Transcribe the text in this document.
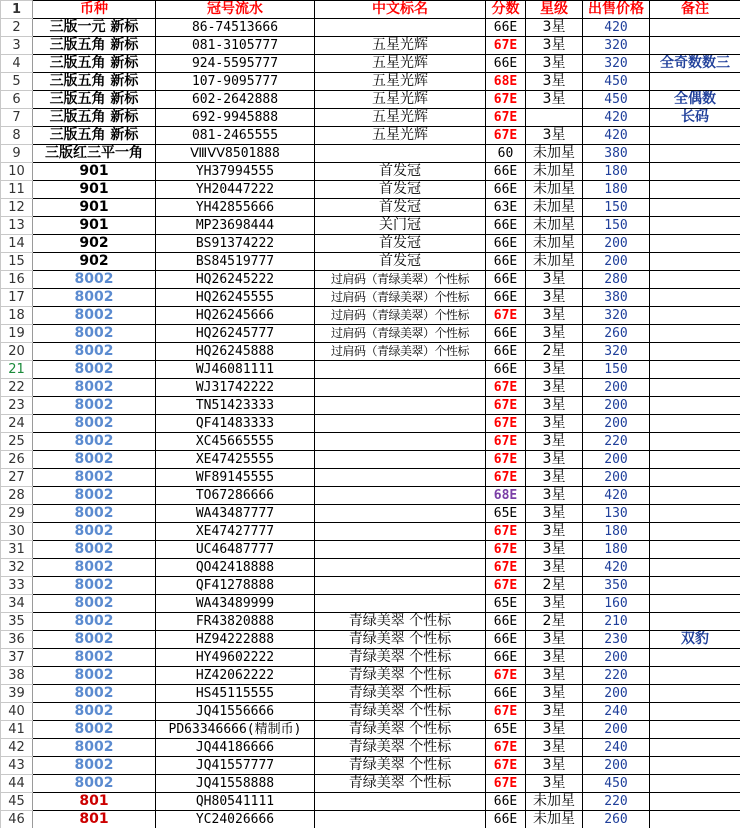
1	币种	冠号流水	中文标名	分数	星级	出售价格	备注
2	三版一元 新标	86-74513666		66E	3星	420	
3	三版五角 新标	081-3105777	五星光辉	67E	3星	320	
4	三版五角 新标	924-5595777	五星光辉	66E	3星	320	全奇数数三
5	三版五角 新标	107-9095777	五星光辉	68E	3星	450	
6	三版五角 新标	602-2642888	五星光辉	67E	3星	450	全偶数
7	三版五角 新标	692-9945888	五星光辉	67E		420	长码
8	三版五角 新标	081-2465555	五星光辉	67E	3星	420	
9	三版红三平一角	ⅧⅤⅤ8501888		60	未加星	380	
10	901	YH37994555	首发冠	66E	未加星	180	
11	901	YH20447222	首发冠	66E	未加星	180	
12	901	YH42855666	首发冠	63E	未加星	150	
13	901	MP23698444	关门冠	66E	未加星	150	
14	902	BS91374222	首发冠	66E	未加星	200	
15	902	BS84519777	首发冠	66E	未加星	200	
16	8002	HQ26245222	过肩码（青绿美翠）个性标	66E	3星	280	
17	8002	HQ26245555	过肩码（青绿美翠）个性标	66E	3星	380	
18	8002	HQ26245666	过肩码（青绿美翠）个性标	67E	3星	320	
19	8002	HQ26245777	过肩码（青绿美翠）个性标	66E	3星	260	
20	8002	HQ26245888	过肩码（青绿美翠）个性标	66E	2星	320	
21	8002	WJ46081111		66E	3星	150	
22	8002	WJ31742222		67E	3星	200	
23	8002	TN51423333		67E	3星	200	
24	8002	QF41483333		67E	3星	200	
25	8002	XC45665555		67E	3星	220	
26	8002	XE47425555		67E	3星	200	
27	8002	WF89145555		67E	3星	200	
28	8002	TO67286666		68E	3星	420	
29	8002	WA43487777		65E	3星	130	
30	8002	XE47427777		67E	3星	180	
31	8002	UC46487777		67E	3星	180	
32	8002	QO42418888		67E	3星	420	
33	8002	QF41278888		67E	2星	350	
34	8002	WA43489999		65E	3星	160	
35	8002	FR43820888	青绿美翠 个性标	66E	2星	210	
36	8002	HZ94222888	青绿美翠 个性标	66E	3星	230	双豹
37	8002	HY49602222	青绿美翠 个性标	66E	3星	200	
38	8002	HZ42062222	青绿美翠 个性标	67E	3星	220	
39	8002	HS45115555	青绿美翠 个性标	66E	3星	200	
40	8002	JQ41556666	青绿美翠 个性标	67E	3星	240	
41	8002	PD63346666(精制币)	青绿美翠 个性标	65E	3星	200	
42	8002	JQ44186666	青绿美翠 个性标	67E	3星	240	
43	8002	JQ41557777	青绿美翠 个性标	67E	3星	200	
44	8002	JQ41558888	青绿美翠 个性标	67E	3星	450	
45	801	QH80541111		66E	未加星	220	
46	801	YC24026666		66E	未加星	260	
